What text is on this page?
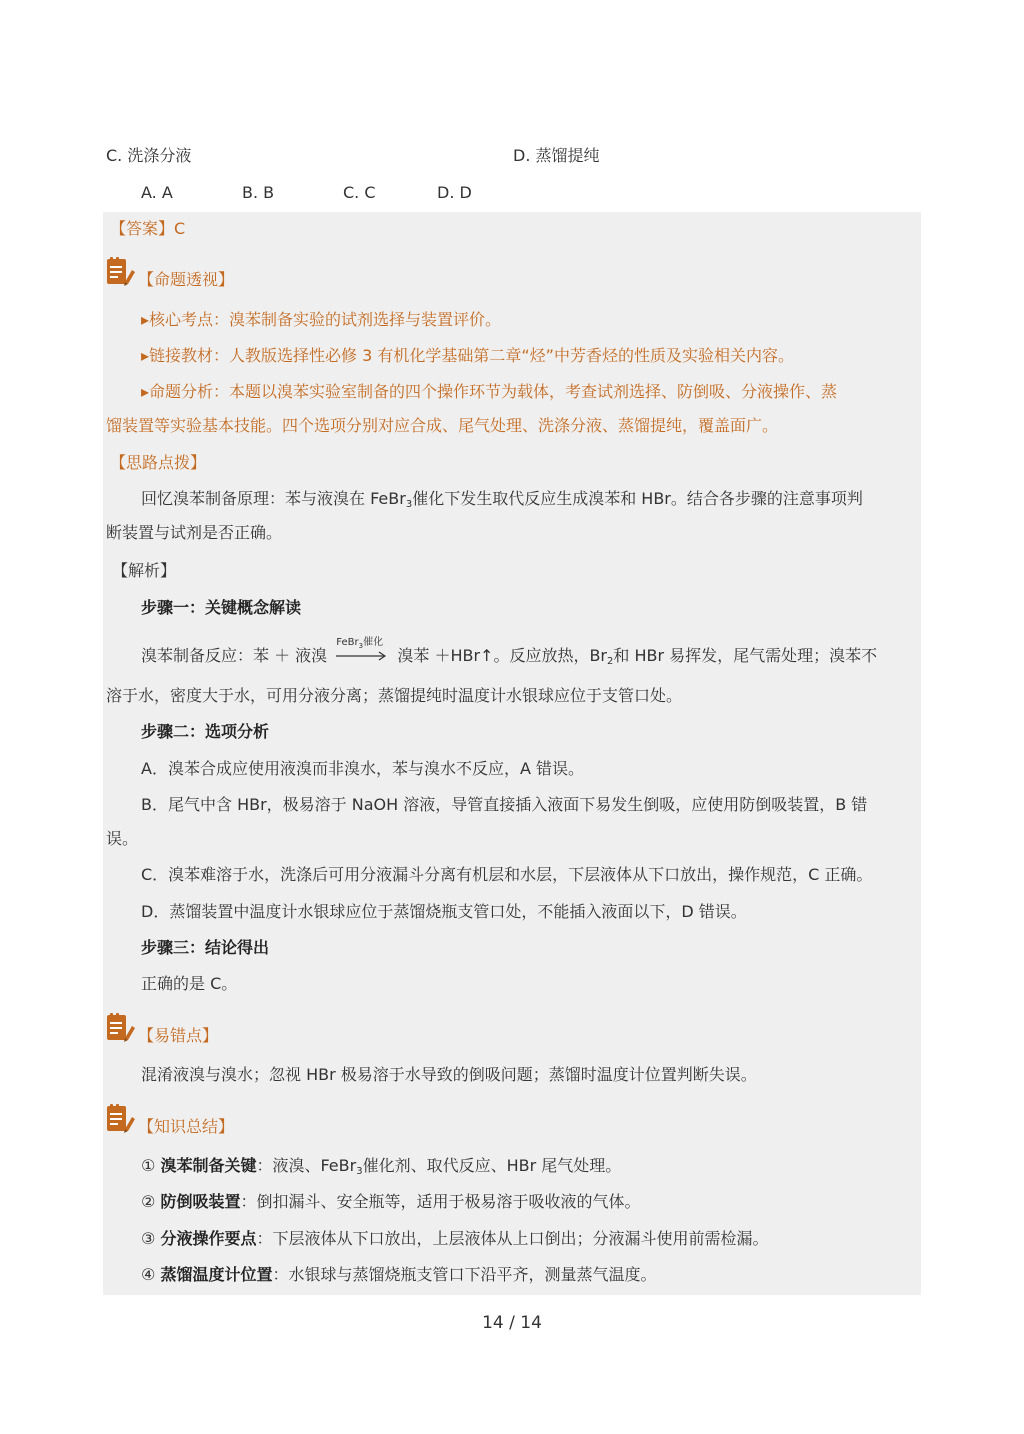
C. 洗涤分液	D. 蒸馏提纯
A. A	B. B	C. C	D. D
【答案】C
【命题透视】
▸核心考点：溴苯制备实验的试剂选择与装置评价。
▸链接教材：人教版选择性必修 3 有机化学基础第二章“烃”中芳香烃的性质及实验相关内容。
▸命题分析：本题以溴苯实验室制备的四个操作环节为载体，考查试剂选择、防倒吸、分液操作、蒸
馏装置等实验基本技能。四个选项分别对应合成、尾气处理、洗涤分液、蒸馏提纯，覆盖面广。
【思路点拨】
回忆溴苯制备原理：苯与液溴在 FeBr$_3$催化下发生取代反应生成溴苯和 HBr。结合各步骤的注意事项判
断装置与试剂是否正确。
【解析】
步骤一：关键概念解读
溴苯制备反应：苯 ＋ 液溴
FeBr$_3$催化
溴苯 ＋HBr↑。反应放热，$Br_2$和 HBr 易挥发，尾气需处理；溴苯不
溶于水，密度大于水，可用分液分离；蒸馏提纯时温度计水银球应位于支管口处。
步骤二：选项分析
A．溴苯合成应使用液溴而非溴水，苯与溴水不反应，A 错误。
B．尾气中含 HBr，极易溶于 NaOH 溶液，导管直接插入液面下易发生倒吸，应使用防倒吸装置，B 错
误。
C．溴苯难溶于水，洗涤后可用分液漏斗分离有机层和水层，下层液体从下口放出，操作规范，C 正确。
D．蒸馏装置中温度计水银球应位于蒸馏烧瓶支管口处，不能插入液面以下，D 错误。
步骤三：结论得出
正确的是 C。
【易错点】
混淆液溴与溴水；忽视 HBr 极易溶于水导致的倒吸问题；蒸馏时温度计位置判断失误。
【知识总结】
① 溴苯制备关键：液溴、FeBr$_3$催化剂、取代反应、HBr 尾气处理。
② 防倒吸装置：倒扣漏斗、安全瓶等，适用于极易溶于吸收液的气体。
③ 分液操作要点：下层液体从下口放出，上层液体从上口倒出；分液漏斗使用前需检漏。
④ 蒸馏温度计位置：水银球与蒸馏烧瓶支管口下沿平齐，测量蒸气温度。
14 / 14
